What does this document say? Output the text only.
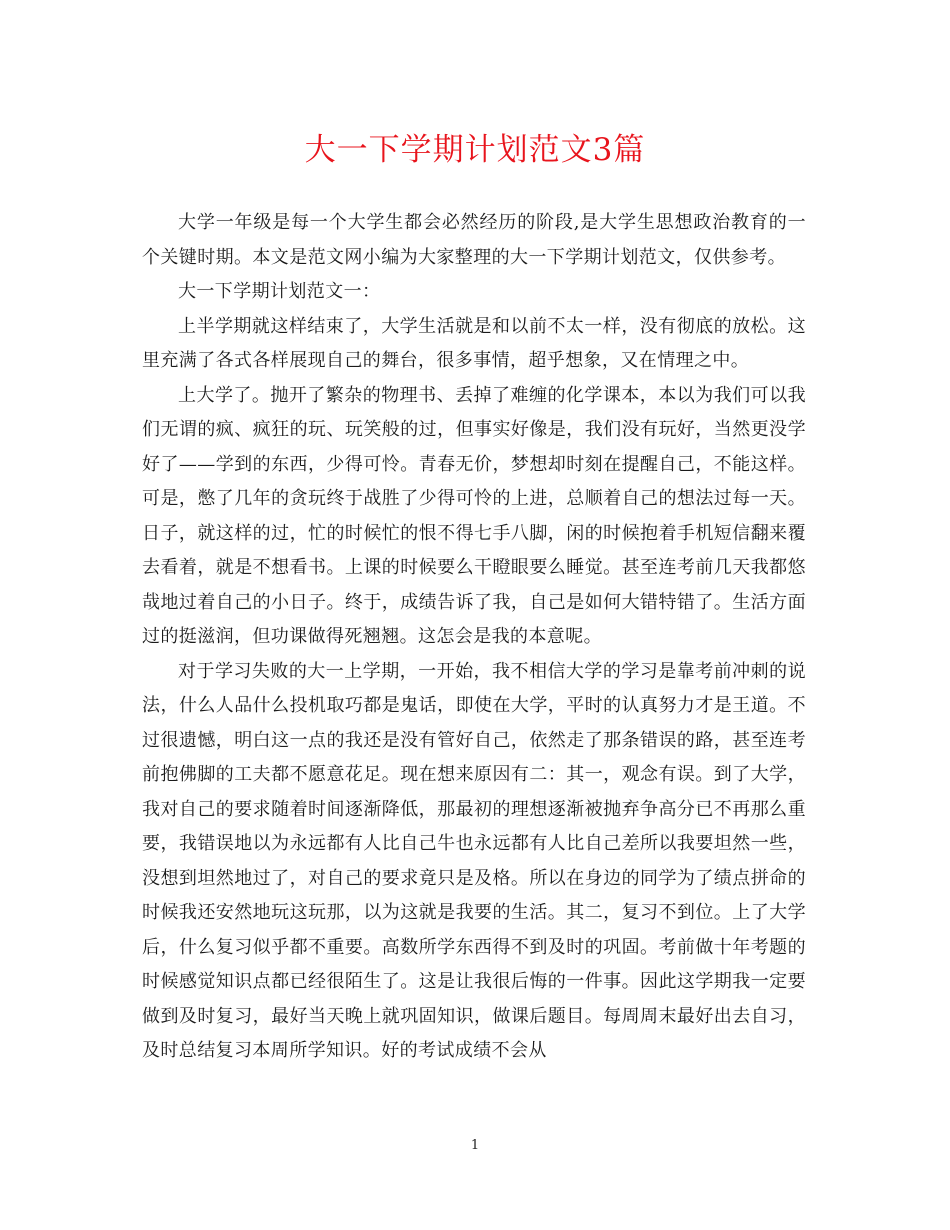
大一下学期计划范文3篇

大学一年级是每一个大学生都会必然经历的阶段,是大学生思想政治教育的一个关键时期。本文是范文网小编为大家整理的大一下学期计划范文，仅供参考。

大一下学期计划范文一：

上半学期就这样结束了，大学生活就是和以前不太一样，没有彻底的放松。这里充满了各式各样展现自己的舞台，很多事情，超乎想象，又在情理之中。

上大学了。抛开了繁杂的物理书、丢掉了难缠的化学课本，本以为我们可以我们无谓的疯、疯狂的玩、玩笑般的过，但事实好像是，我们没有玩好，当然更没学好了——学到的东西，少得可怜。青春无价，梦想却时刻在提醒自己，不能这样。可是，憋了几年的贪玩终于战胜了少得可怜的上进，总顺着自己的想法过每一天。日子，就这样的过，忙的时候忙的恨不得七手八脚，闲的时候抱着手机短信翻来覆去看着，就是不想看书。上课的时候要么干瞪眼要么睡觉。甚至连考前几天我都悠哉地过着自己的小日子。终于，成绩告诉了我，自己是如何大错特错了。生活方面过的挺滋润，但功课做得死翘翘。这怎会是我的本意呢。

对于学习失败的大一上学期，一开始，我不相信大学的学习是靠考前冲刺的说法，什么人品什么投机取巧都是鬼话，即使在大学，平时的认真努力才是王道。不过很遗憾，明白这一点的我还是没有管好自己，依然走了那条错误的路，甚至连考前抱佛脚的工夫都不愿意花足。现在想来原因有二：其一，观念有误。到了大学，我对自己的要求随着时间逐渐降低，那最初的理想逐渐被抛弃争高分已不再那么重要，我错误地以为永远都有人比自己牛也永远都有人比自己差所以我要坦然一些，没想到坦然地过了，对自己的要求竟只是及格。所以在身边的同学为了绩点拼命的时候我还安然地玩这玩那，以为这就是我要的生活。其二，复习不到位。上了大学后，什么复习似乎都不重要。高数所学东西得不到及时的巩固。考前做十年考题的时候感觉知识点都已经很陌生了。这是让我很后悔的一件事。因此这学期我一定要做到及时复习，最好当天晚上就巩固知识，做课后题目。每周周末最好出去自习，及时总结复习本周所学知识。好的考试成绩不会从

1
